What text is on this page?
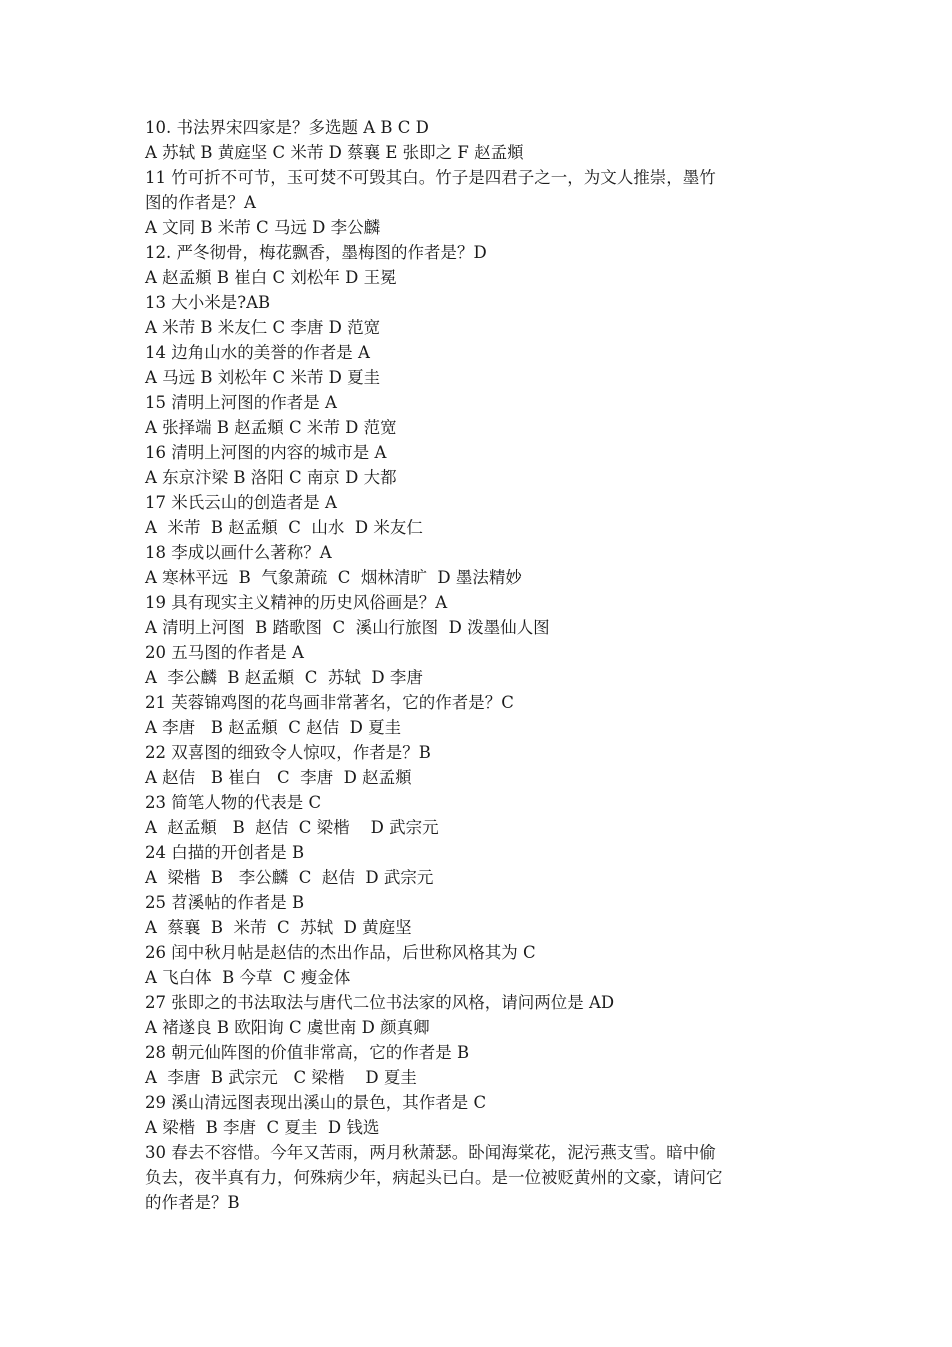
10. 书法界宋四家是？多选题 A B C D

A 苏轼 B 黄庭坚 C 米芾 D 蔡襄 E 张即之 F 赵孟頫

11 竹可折不可节，玉可焚不可毁其白。竹子是四君子之一，为文人推崇，墨竹

图的作者是？A

A 文同 B 米芾 C 马远 D 李公麟

12. 严冬彻骨，梅花飘香，墨梅图的作者是？D

A 赵孟頫 B 崔白 C 刘松年 D 王冕

13 大小米是?AB

A 米芾 B 米友仁 C 李唐 D 范宽

14 边角山水的美誉的作者是 A

A 马远 B 刘松年 C 米芾 D 夏圭

15 清明上河图的作者是 A

A 张择端 B 赵孟頫 C 米芾 D 范宽

16 清明上河图的内容的城市是 A

A 东京汴梁 B 洛阳 C 南京 D 大都

17 米氏云山的创造者是 A

A  米芾  B 赵孟頫  C  山水  D 米友仁

18 李成以画什么著称？A

A 寒林平远  B  气象萧疏  C  烟林清旷  D 墨法精妙

19 具有现实主义精神的历史风俗画是？A

A 清明上河图  B 踏歌图  C  溪山行旅图  D 泼墨仙人图

20 五马图的作者是 A

A  李公麟  B 赵孟頫  C  苏轼  D 李唐

21 芙蓉锦鸡图的花鸟画非常著名，它的作者是？C

A 李唐   B 赵孟頫  C 赵佶  D 夏圭

22 双喜图的细致令人惊叹，作者是？B

A 赵佶   B 崔白   C  李唐  D 赵孟頫

23 简笔人物的代表是 C

A  赵孟頫   B  赵佶  C 梁楷    D 武宗元

24 白描的开创者是 B

A  梁楷  B   李公麟  C  赵佶  D 武宗元

25 苕溪帖的作者是 B

A  蔡襄  B  米芾  C  苏轼  D 黄庭坚

26 闰中秋月帖是赵佶的杰出作品，后世称风格其为 C

A 飞白体  B 今草  C 瘦金体

27 张即之的书法取法与唐代二位书法家的风格，请问两位是 AD

A 褚遂良 B 欧阳询 C 虞世南 D 颜真卿

28 朝元仙阵图的价值非常高，它的作者是 B

A  李唐  B 武宗元   C 梁楷    D 夏圭

29 溪山清远图表现出溪山的景色，其作者是 C

A 梁楷  B 李唐  C 夏圭  D 钱选

30 春去不容惜。今年又苦雨，两月秋萧瑟。卧闻海棠花，泥污燕支雪。暗中偷

负去，夜半真有力，何殊病少年，病起头已白。是一位被贬黄州的文豪，请问它

的作者是？B
